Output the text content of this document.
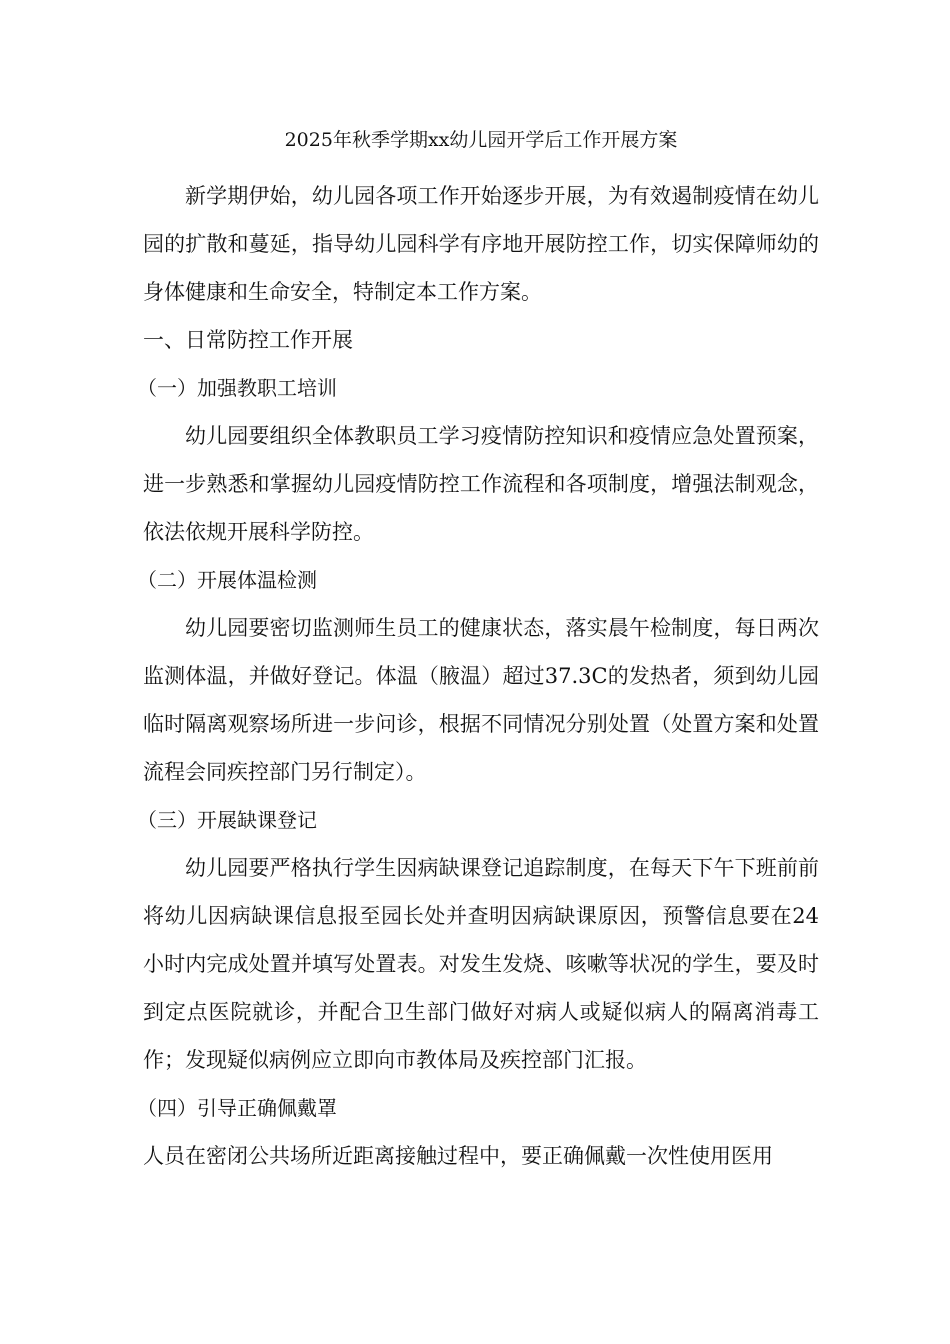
2025年秋季学期xx幼儿园开学后工作开展方案

新学期伊始，幼儿园各项工作开始逐步开展，为有效遏制疫情在幼儿园的扩散和蔓延，指导幼儿园科学有序地开展防控工作，切实保障师幼的身体健康和生命安全，特制定本工作方案。

一、日常防控工作开展

（一）加强教职工培训

幼儿园要组织全体教职员工学习疫情防控知识和疫情应急处置预案，进一步熟悉和掌握幼儿园疫情防控工作流程和各项制度，增强法制观念，依法依规开展科学防控。

（二）开展体温检测

幼儿园要密切监测师生员工的健康状态，落实晨午检制度，每日两次监测体温，并做好登记。体温（腋温）超过37.3C的发热者，须到幼儿园临时隔离观察场所进一步问诊，根据不同情况分别处置（处置方案和处置流程会同疾控部门另行制定）。

（三）开展缺课登记

幼儿园要严格执行学生因病缺课登记追踪制度，在每天下午下班前前将幼儿因病缺课信息报至园长处并查明因病缺课原因，预警信息要在24小时内完成处置并填写处置表。对发生发烧、咳嗽等状况的学生，要及时到定点医院就诊，并配合卫生部门做好对病人或疑似病人的隔离消毒工作；发现疑似病例应立即向市教体局及疾控部门汇报。

（四）引导正确佩戴罩

人员在密闭公共场所近距离接触过程中，要正确佩戴一次性使用医用
